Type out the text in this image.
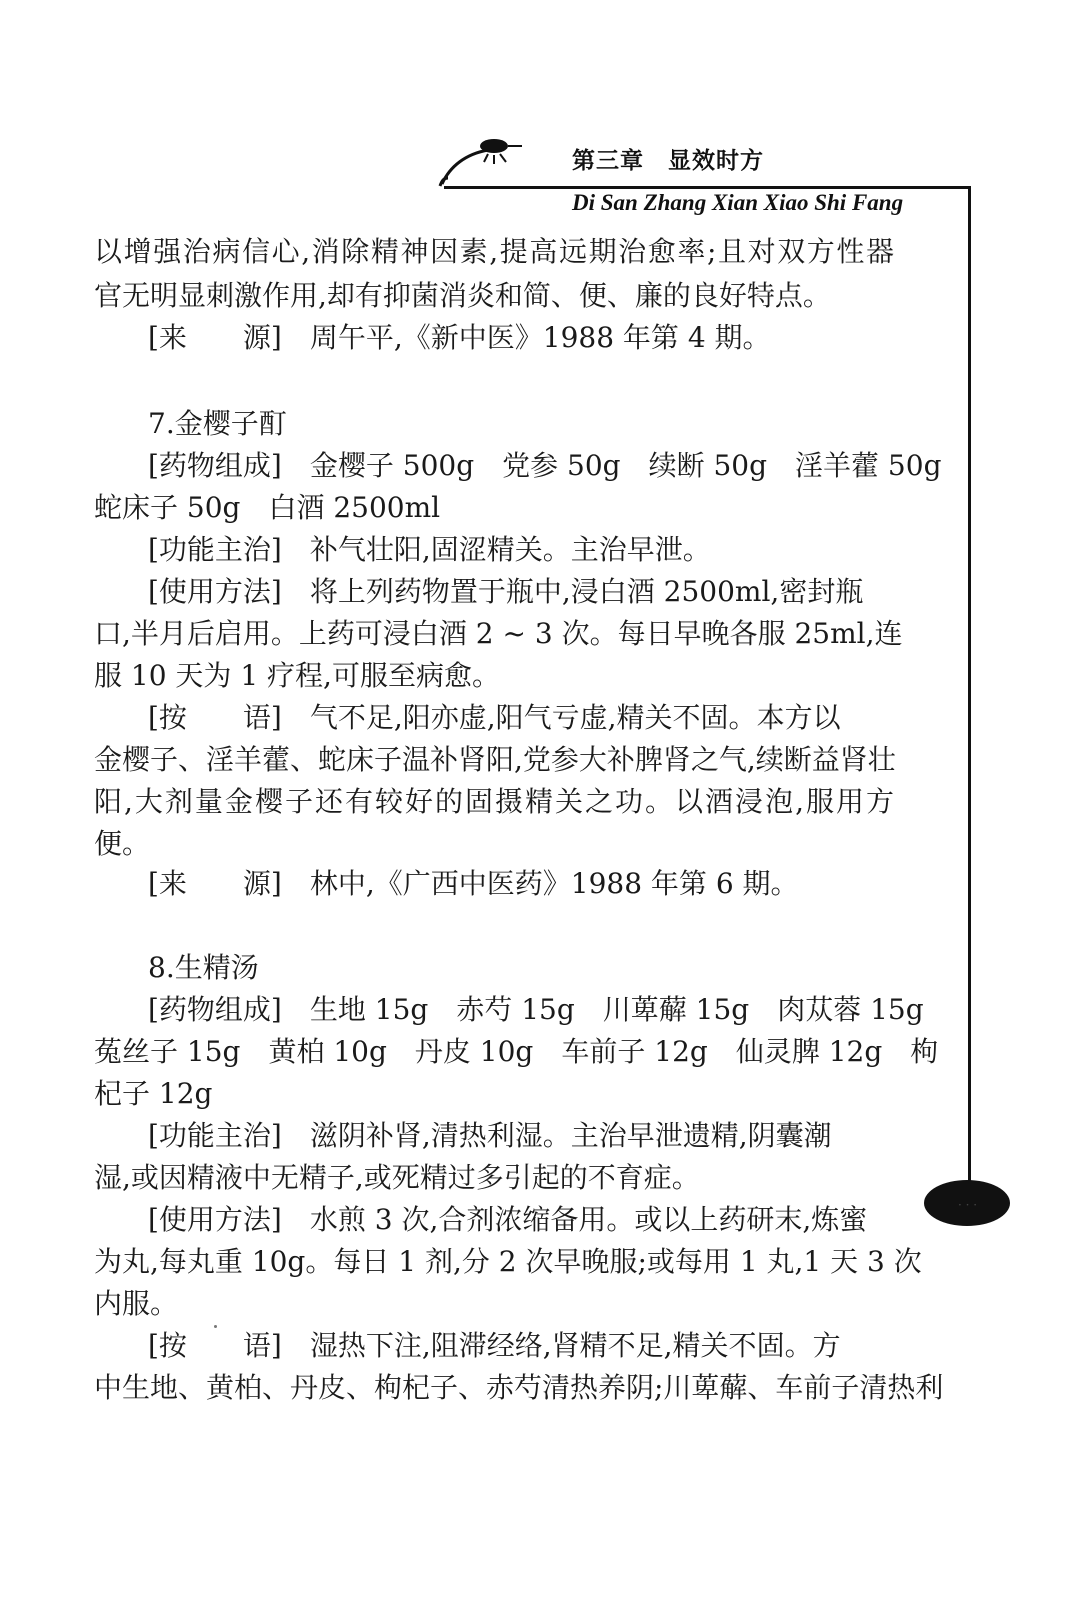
第三章　显效时方
Di San Zhang Xian Xiao Shi Fang
· · ·
以增强治病信心,消除精神因素,提高远期治愈率;且对双方性器
官无明显刺激作用,却有抑菌消炎和简、便、廉的良好特点。
[来　　源]　周午平,《新中医》1988 年第 4 期。
7.金樱子酊
[药物组成]　金樱子 500g　党参 50g　续断 50g　淫羊藿 50g
蛇床子 50g　白酒 2500ml
[功能主治]　补气壮阳,固涩精关。主治早泄。
[使用方法]　将上列药物置于瓶中,浸白酒 2500ml,密封瓶
口,半月后启用。上药可浸白酒 2 ~ 3 次。每日早晚各服 25ml,连
服 10 天为 1 疗程,可服至病愈。
[按　　语]　气不足,阳亦虚,阳气亏虚,精关不固。本方以
金樱子、淫羊藿、蛇床子温补肾阳,党参大补脾肾之气,续断益肾壮
阳,大剂量金樱子还有较好的固摄精关之功。以酒浸泡,服用方
便。
[来　　源]　林中,《广西中医药》1988 年第 6 期。
8.生精汤
[药物组成]　生地 15g　赤芍 15g　川萆薢 15g　肉苁蓉 15g
菟丝子 15g　黄柏 10g　丹皮 10g　车前子 12g　仙灵脾 12g　枸
杞子 12g
[功能主治]　滋阴补肾,清热利湿。主治早泄遗精,阴囊潮
湿,或因精液中无精子,或死精过多引起的不育症。
[使用方法]　水煎 3 次,合剂浓缩备用。或以上药研末,炼蜜
为丸,每丸重 10g。每日 1 剂,分 2 次早晚服;或每用 1 丸,1 天 3 次
内服。
[按　　语]　湿热下注,阻滞经络,肾精不足,精关不固。方
中生地、黄柏、丹皮、枸杞子、赤芍清热养阴;川萆薢、车前子清热利
